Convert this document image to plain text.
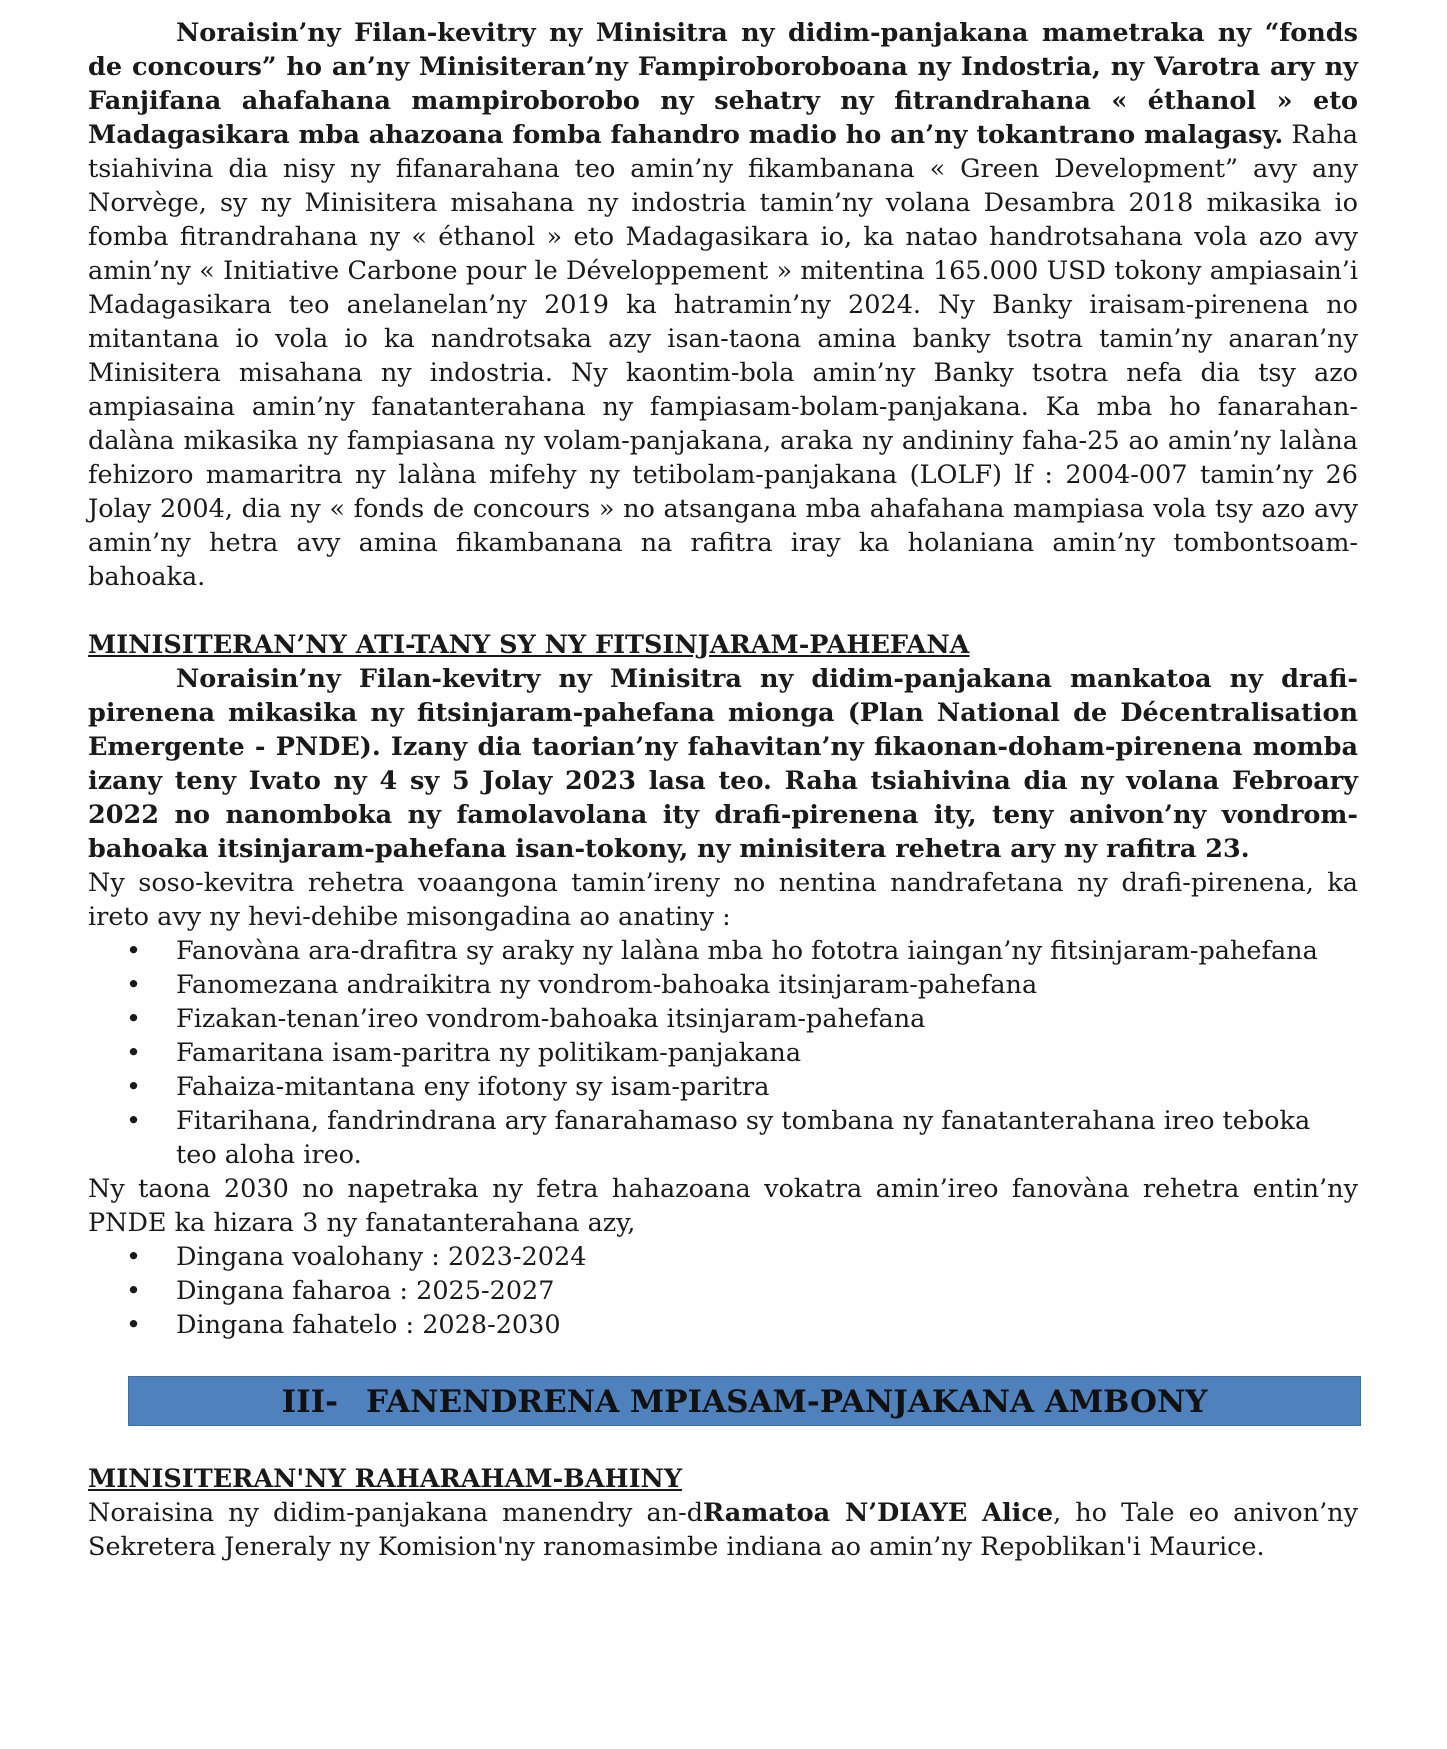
Noraisin’ny Filan-kevitry ny Minisitra ny didim-panjakana mametraka ny “fonds de concours” ho an’ny Minisiteran’ny Fampiroboroboana ny Indostria, ny Varotra ary ny Fanjifana ahafahana mampiroborobo ny sehatry ny fitrandrahana « éthanol » eto Madagasikara mba ahazoana fomba fahandro madio ho an’ny tokantrano malagasy. Raha tsiahivina dia nisy ny fifanarahana teo amin’ny fikambanana « Green Development” avy any Norvège, sy ny Minisitera misahana ny indostria tamin’ny volana Desambra 2018 mikasika io fomba fitrandrahana ny « éthanol » eto Madagasikara io, ka natao handrotsahana vola azo avy amin’ny « Initiative Carbone pour le Développement » mitentina 165.000 USD tokony ampiasain’i Madagasikara teo anelanelan’ny 2019 ka hatramin’ny 2024. Ny Banky iraisam-pirenena no mitantana io vola io ka nandrotsaka azy isan-taona amina banky tsotra tamin’ny anaran’ny Minisitera misahana ny indostria. Ny kaontim-bola amin’ny Banky tsotra nefa dia tsy azo ampiasaina amin’ny fanatanterahana ny fampiasam-bolam-panjakana. Ka mba ho fanarahan-dalàna mikasika ny fampiasana ny volam-panjakana, araka ny andininy faha-25 ao amin’ny lalàna fehizoro mamaritra ny lalàna mifehy ny tetibolam-panjakana (LOLF) lf : 2004-007 tamin’ny 26 Jolay 2004, dia ny « fonds de concours » no atsangana mba ahafahana mampiasa vola tsy azo avy amin’ny hetra avy amina fikambanana na rafitra iray ka holaniana amin’ny tombontsoam-bahoaka.

MINISITERAN’NY ATI-TANY SY NY FITSINJARAM-PAHEFANA

Noraisin’ny Filan-kevitry ny Minisitra ny didim-panjakana mankatoa ny drafi-pirenena mikasika ny fitsinjaram-pahefana mionga (Plan National de Décentralisation Emergente - PNDE). Izany dia taorian’ny fahavitan’ny fikaonan-doham-pirenena momba izany teny Ivato ny 4 sy 5 Jolay 2023 lasa teo. Raha tsiahivina dia ny volana Febroary 2022 no nanomboka ny famolavolana ity drafi-pirenena ity, teny anivon’ny vondrom-bahoaka itsinjaram-pahefana isan-tokony, ny minisitera rehetra ary ny rafitra 23.

Ny soso-kevitra rehetra voaangona tamin’ireny no nentina nandrafetana ny drafi-pirenena, ka ireto avy ny hevi-dehibe misongadina ao anatiny :

• Fanovàna ara-drafitra sy araky ny lalàna mba ho fototra iaingan’ny fitsinjaram-pahefana
• Fanomezana andraikitra ny vondrom-bahoaka itsinjaram-pahefana
• Fizakan-tenan’ireo vondrom-bahoaka itsinjaram-pahefana
• Famaritana isam-paritra ny politikam-panjakana
• Fahaiza-mitantana eny ifotony sy isam-paritra
• Fitarihana, fandrindrana ary fanarahamaso sy tombana ny fanatanterahana ireo teboka teo aloha ireo.

Ny taona 2030 no napetraka ny fetra hahazoana vokatra amin’ireo fanovàna rehetra entin’ny PNDE ka hizara 3 ny fanatanterahana azy,

• Dingana voalohany : 2023-2024
• Dingana faharoa : 2025-2027
• Dingana fahatelo : 2028-2030
III- FANENDRENA MPIASAM-PANJAKANA AMBONY
MINISITERAN'NY RAHARAHAM-BAHINY

Noraisina ny didim-panjakana manendry an-dRamatoa N’DIAYE Alice, ho Tale eo anivon’ny Sekretera Jeneraly ny Komision'ny ranomasimbe indiana ao amin’ny Repoblikan'i Maurice.
